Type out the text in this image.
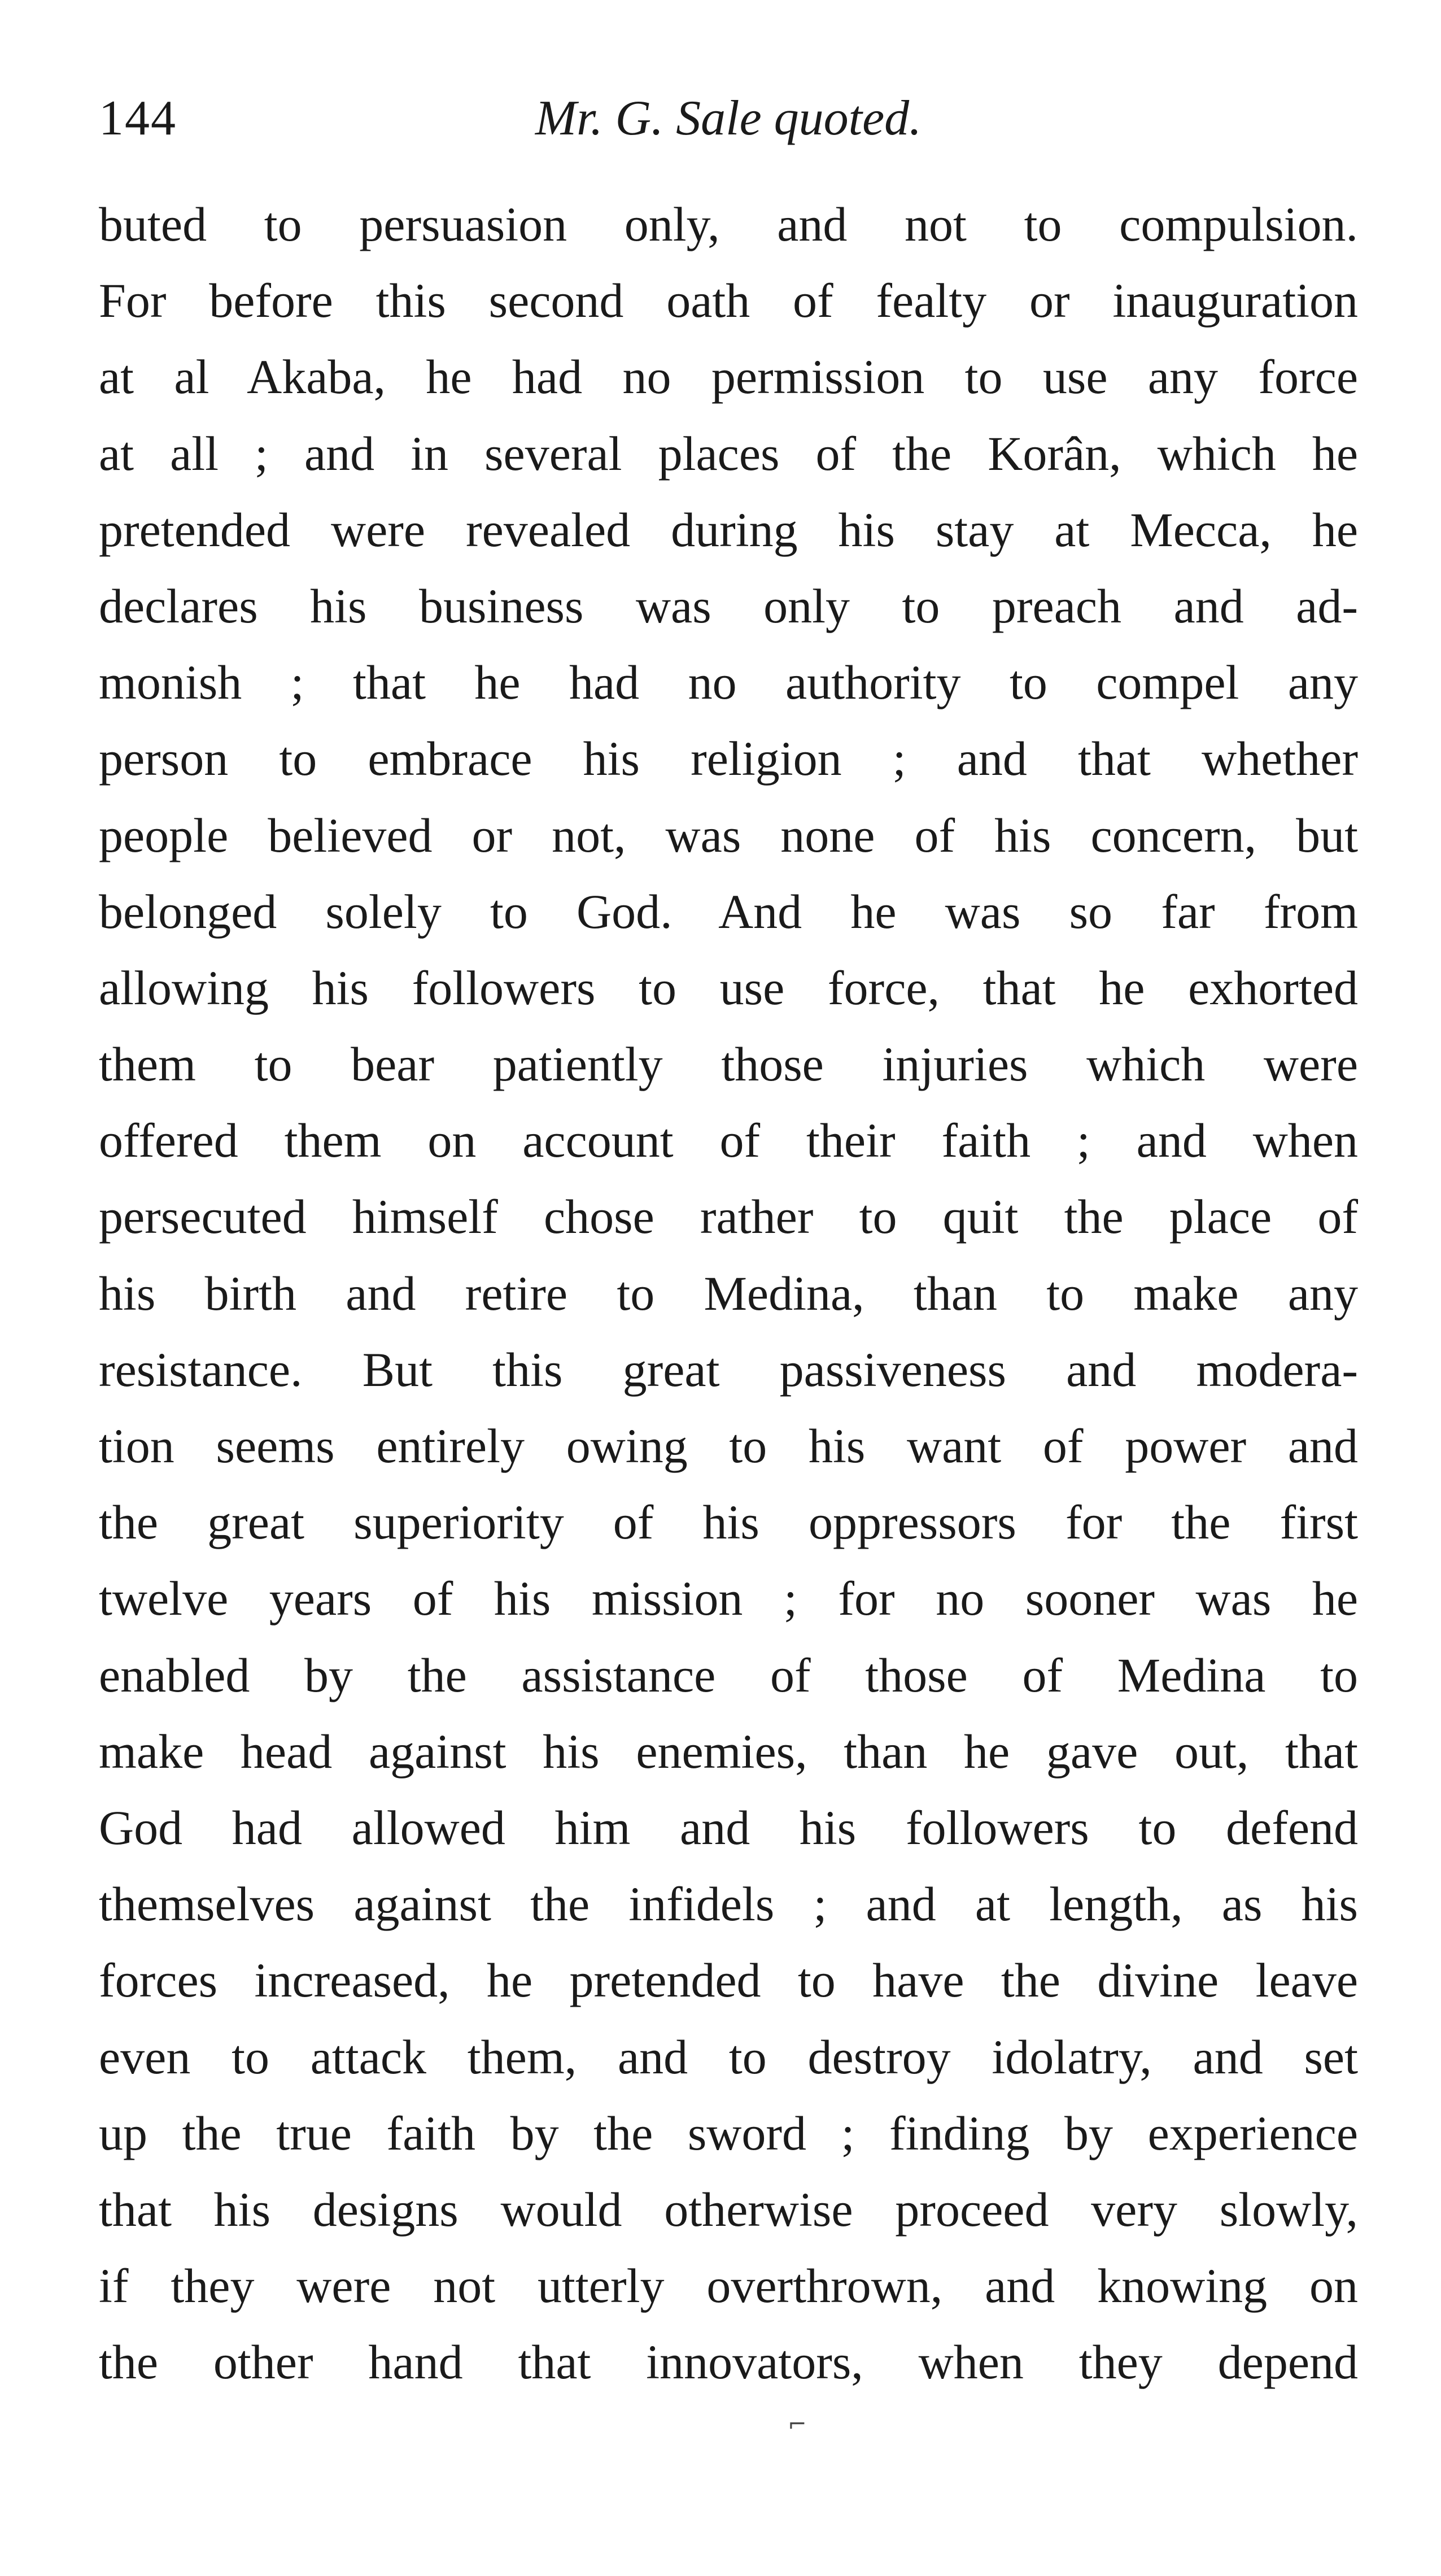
144	Mr. G. Sale quoted.
buted to persuasion only, and not to compulsion.
For before this second oath of fealty or inauguration
at al Akaba, he had no permission to use any force
at all ; and in several places of the Korân, which he
pretended were revealed during his stay at Mecca, he
declares his business was only to preach and ad-
monish ; that he had no authority to compel any
person to embrace his religion ; and that whether
people believed or not, was none of his concern, but
belonged solely to God. And he was so far from
allowing his followers to use force, that he exhorted
them to bear patiently those injuries which were
offered them on account of their faith ; and when
persecuted himself chose rather to quit the place of
his birth and retire to Medina, than to make any
resistance. But this great passiveness and modera-
tion seems entirely owing to his want of power and
the great superiority of his oppressors for the first
twelve years of his mission ; for no sooner was he
enabled by the assistance of those of Medina to
make head against his enemies, than he gave out, that
God had allowed him and his followers to defend
themselves against the infidels ; and at length, as his
forces increased, he pretended to have the divine leave
even to attack them, and to destroy idolatry, and set
up the true faith by the sword ; finding by experience
that his designs would otherwise proceed very slowly,
if they were not utterly overthrown, and knowing on
the other hand that innovators, when they depend
⌐
